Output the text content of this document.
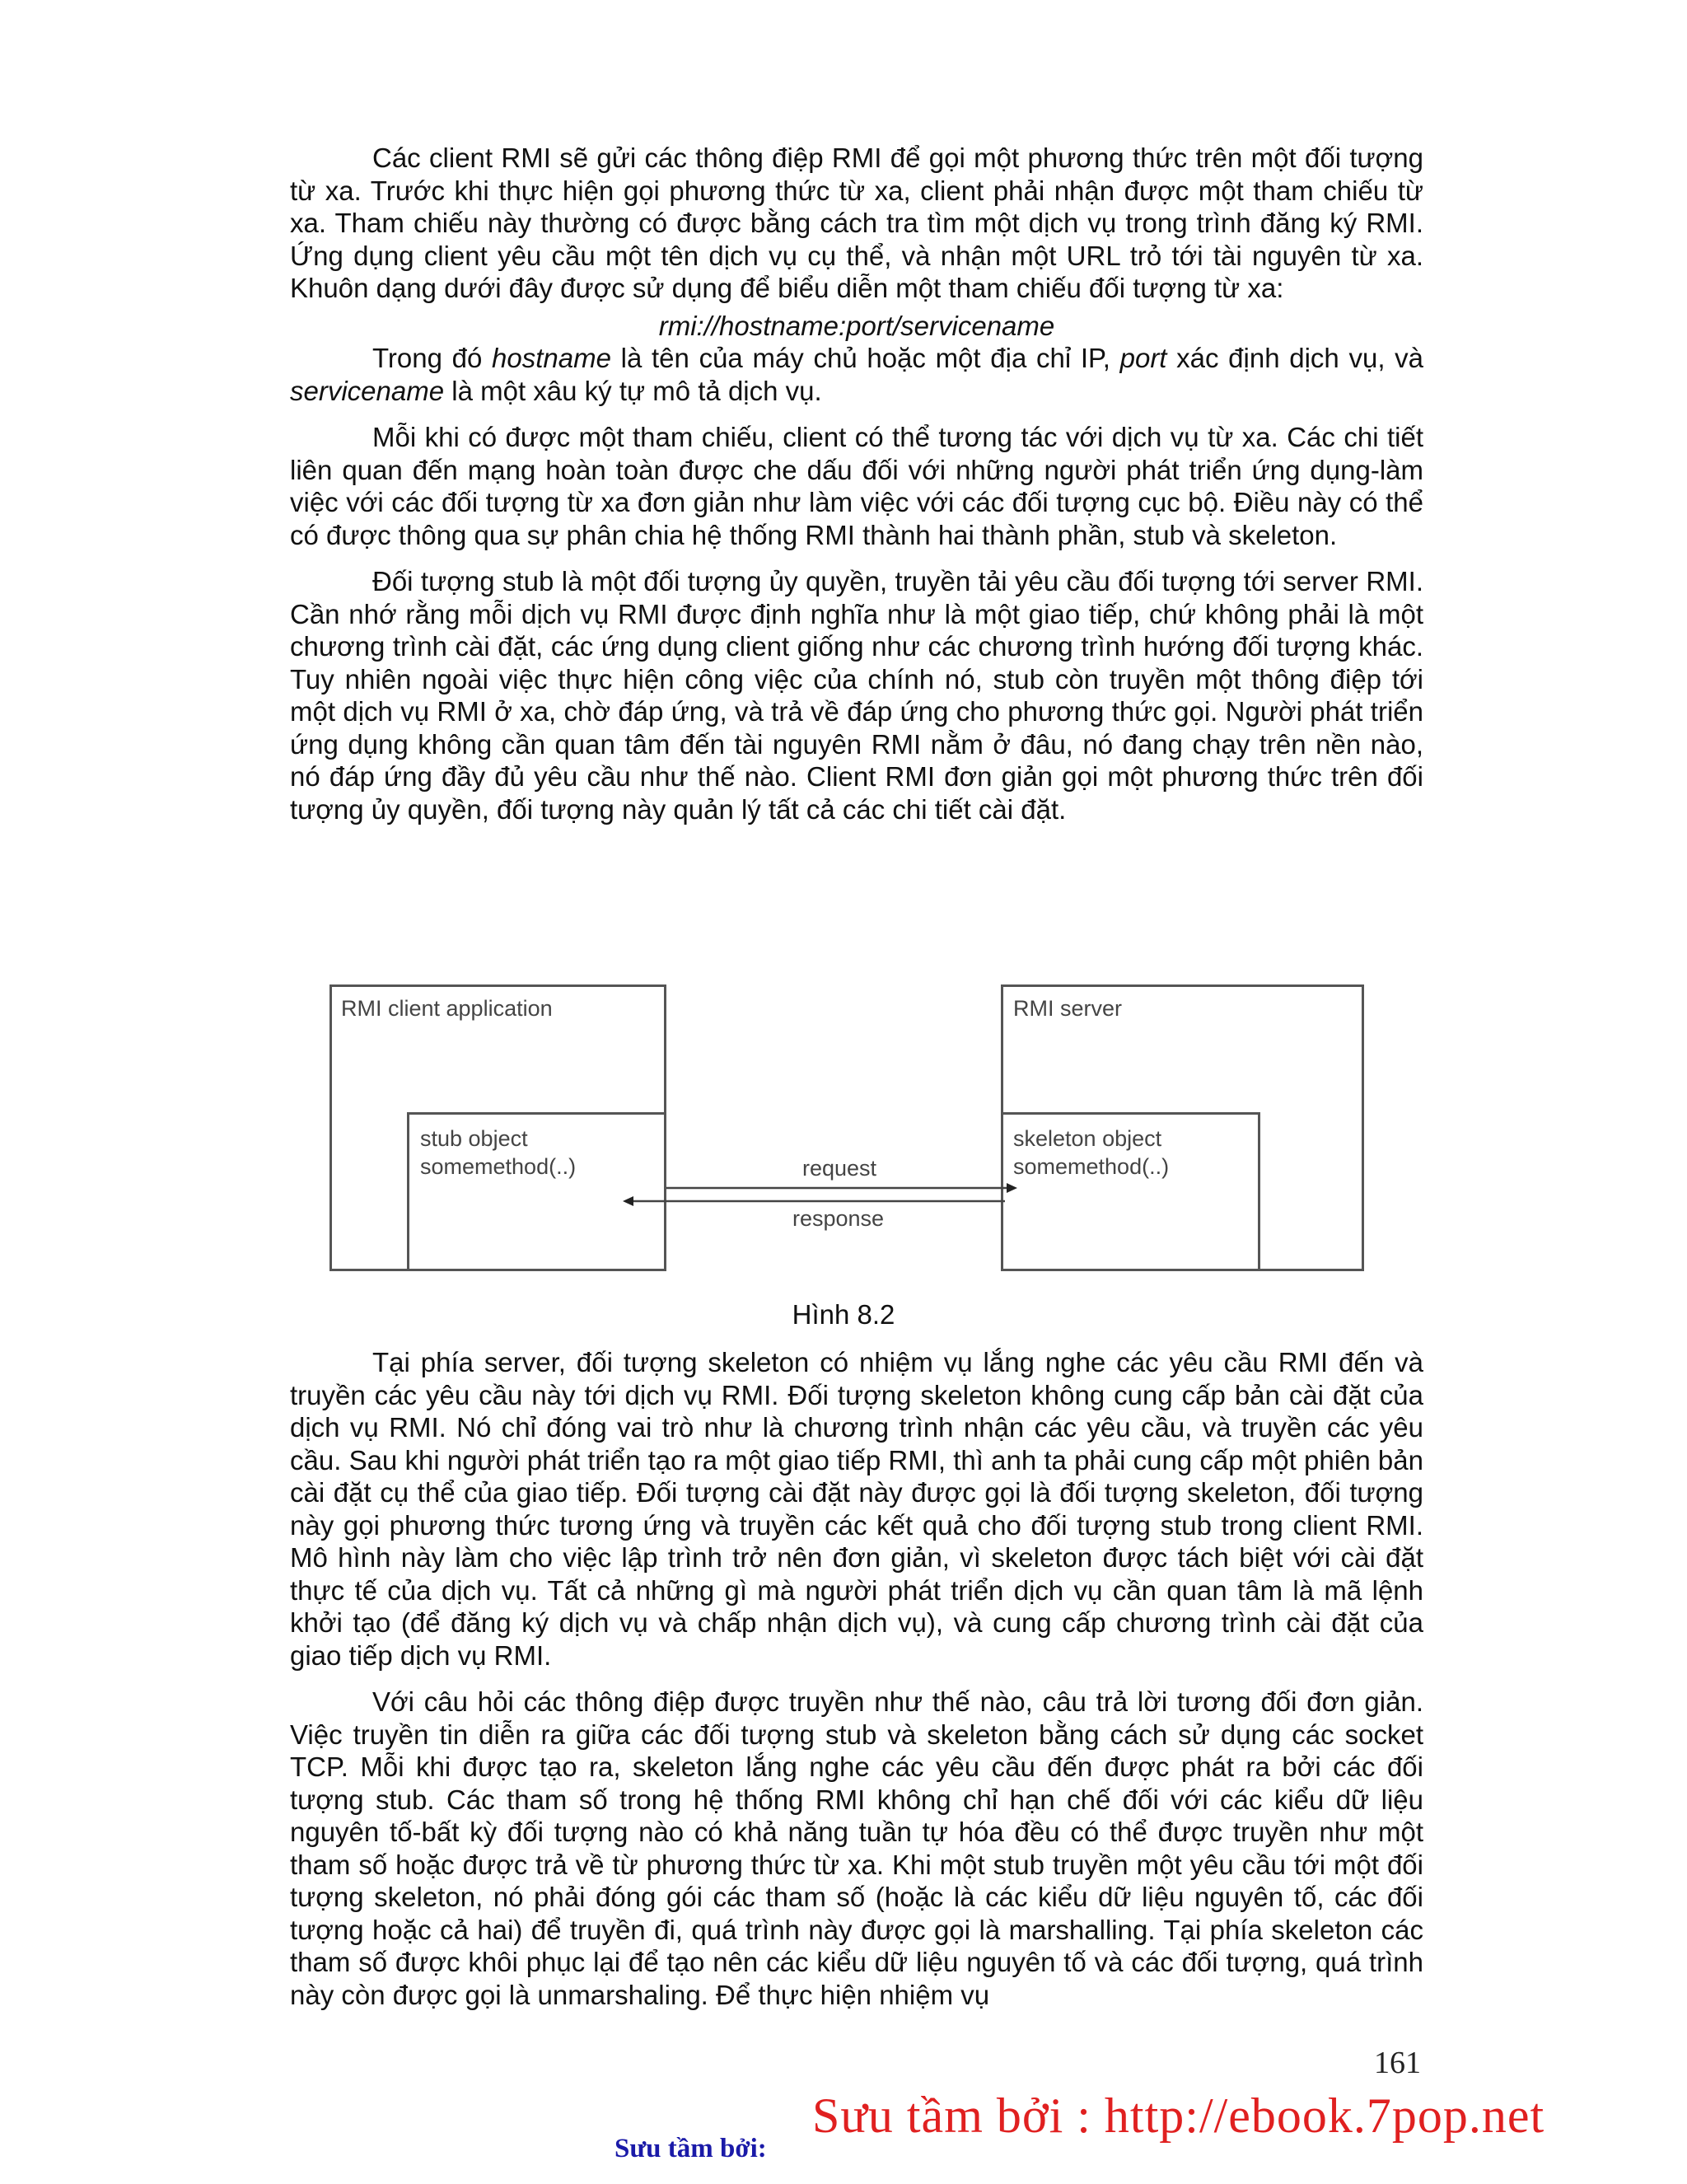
Các client RMI sẽ gửi các thông điệp RMI để gọi một phương thức trên một đối tượng từ xa. Trước khi thực hiện gọi phương thức từ xa, client phải nhận được một tham chiếu từ xa. Tham chiếu này thường có được bằng cách tra tìm một dịch vụ trong trình đăng ký RMI. Ứng dụng client yêu cầu một tên dịch vụ cụ thể, và nhận một URL trỏ tới tài nguyên từ xa. Khuôn dạng dưới đây được sử dụng để biểu diễn một tham chiếu đối tượng từ xa:

rmi://hostname:port/servicename

Trong đó hostname là tên của máy chủ hoặc một địa chỉ IP, port xác định dịch vụ, và servicename là một xâu ký tự mô tả dịch vụ.

Mỗi khi có được một tham chiếu, client có thể tương tác với dịch vụ từ xa. Các chi tiết liên quan đến mạng hoàn toàn được che dấu đối với những người phát triển ứng dụng-làm việc với các đối tượng từ xa đơn giản như làm việc với các đối tượng cục bộ. Điều này có thể có được thông qua sự phân chia hệ thống RMI thành hai thành phần, stub và skeleton.

Đối tượng stub là một đối tượng ủy quyền, truyền tải yêu cầu đối tượng tới server RMI. Cần nhớ rằng mỗi dịch vụ RMI được định nghĩa như là một giao tiếp, chứ không phải là một chương trình cài đặt, các ứng dụng client giống như các chương trình hướng đối tượng khác. Tuy nhiên ngoài việc thực hiện công việc của chính nó, stub còn truyền một thông điệp tới một dịch vụ RMI ở xa, chờ đáp ứng, và trả về đáp ứng cho phương thức gọi. Người phát triển ứng dụng không cần quan tâm đến tài nguyên RMI nằm ở đâu, nó đang chạy trên nền nào, nó đáp ứng đầy đủ yêu cầu như thế nào. Client RMI đơn giản gọi một phương thức trên đối tượng ủy quyền, đối tượng này quản lý tất cả các chi tiết cài đặt.

RMI client application
stub object
somemethod(..)
RMI server
skeleton object
somemethod(..)
request
response
Hình 8.2

Tại phía server, đối tượng skeleton có nhiệm vụ lắng nghe các yêu cầu RMI đến và truyền các yêu cầu này tới dịch vụ RMI. Đối tượng skeleton không cung cấp bản cài đặt của dịch vụ RMI. Nó chỉ đóng vai trò như là chương trình nhận các yêu cầu, và truyền các yêu cầu. Sau khi người phát triển tạo ra một giao tiếp RMI, thì anh ta phải cung cấp một phiên bản cài đặt cụ thể của giao tiếp. Đối tượng cài đặt này được gọi là đối tượng skeleton, đối tượng này gọi phương thức tương ứng và truyền các kết quả cho đối tượng stub trong client RMI. Mô hình này làm cho việc lập trình trở nên đơn giản, vì skeleton được tách biệt với cài đặt thực tế của dịch vụ. Tất cả những gì mà người phát triển dịch vụ cần quan tâm là mã lệnh khởi tạo (để đăng ký dịch vụ và chấp nhận dịch vụ), và cung cấp chương trình cài đặt của giao tiếp dịch vụ RMI.

Với câu hỏi các thông điệp được truyền như thế nào, câu trả lời tương đối đơn giản. Việc truyền tin diễn ra giữa các đối tượng stub và skeleton bằng cách sử dụng các socket TCP. Mỗi khi được tạo ra, skeleton lắng nghe các yêu cầu đến được phát ra bởi các đối tượng stub. Các tham số trong hệ thống RMI không chỉ hạn chế đối với các kiểu dữ liệu nguyên tố-bất kỳ đối tượng nào có khả năng tuần tự hóa đều có thể được truyền như một tham số hoặc được trả về từ phương thức từ xa. Khi một stub truyền một yêu cầu tới một đối tượng skeleton, nó phải đóng gói các tham số (hoặc là các kiểu dữ liệu nguyên tố, các đối tượng hoặc cả hai) để truyền đi, quá trình này được gọi là marshalling. Tại phía skeleton các tham số được khôi phục lại để tạo nên các kiểu dữ liệu nguyên tố và các đối tượng, quá trình này còn được gọi là unmarshaling. Để thực hiện nhiệm vụ

161
Sưu tầm bởi : http://ebook.7pop.net
Sưu tầm bởi:
